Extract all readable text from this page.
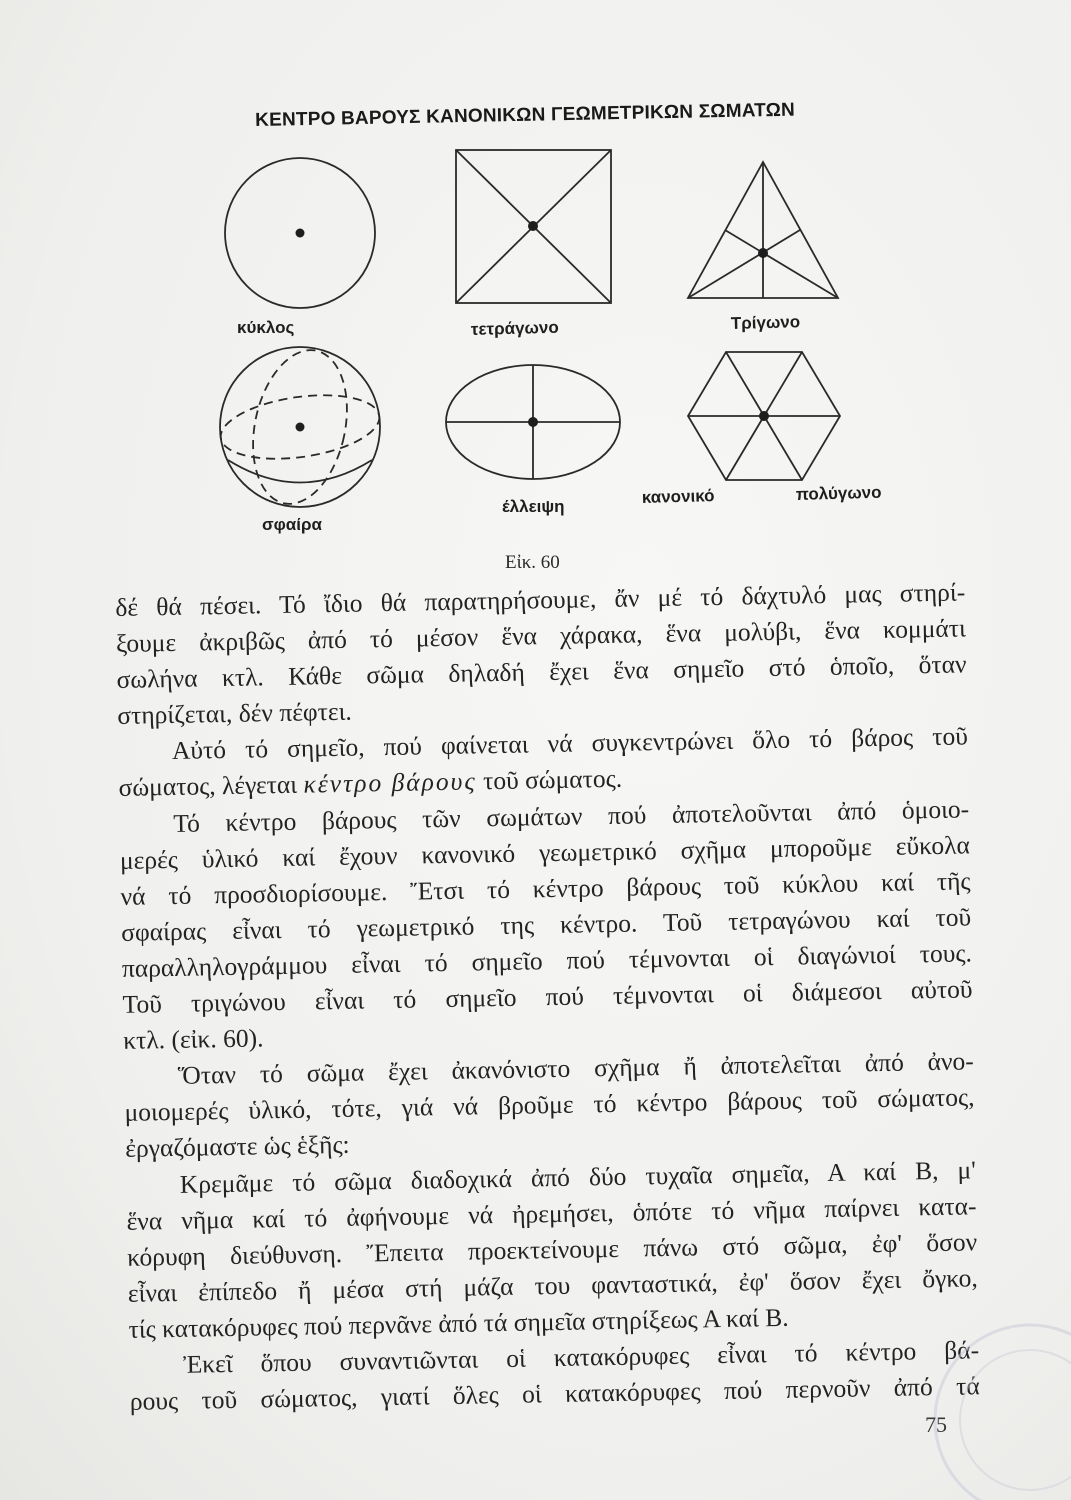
ΚΕΝΤΡΟ ΒΑΡΟΥΣ ΚΑΝΟΝΙΚΩΝ ΓΕΩΜΕΤΡΙΚΩΝ ΣΩΜΑΤΩΝ
κύκλος	τετράγωνο	Τρίγωνο
σφαίρα
έλλειψη	κανονικό	πολύγωνο
Εἰκ. 60
δέ θά πέσει. Τό ἴδιο θά παρατηρήσουμε, ἄν μέ τό δάχτυλό μας στηρί-
ξουμε ἀκριβῶς ἀπό τό μέσον ἕνα χάρακα, ἕνα μολύβι, ἕνα κομμάτι
σωλήνα κτλ. Κάθε σῶμα δηλαδή ἔχει ἕνα σημεῖο στό ὁποῖο, ὅταν
στηρίζεται, δέν πέφτει.
Αὐτό τό σημεῖο, πού φαίνεται νά συγκεντρώνει ὅλο τό βάρος τοῦ
σώματος, λέγεται κέντρο βάρους τοῦ σώματος.
Τό κέντρο βάρους τῶν σωμάτων πού ἀποτελοῦνται ἀπό ὁμοιο-
μερές ὑλικό καί ἔχουν κανονικό γεωμετρικό σχῆμα μποροῦμε εὔκολα
νά τό προσδιορίσουμε. Ἔτσι τό κέντρο βάρους τοῦ κύκλου καί τῆς
σφαίρας εἶναι τό γεωμετρικό της κέντρο. Τοῦ τετραγώνου καί τοῦ
παραλληλογράμμου εἶναι τό σημεῖο πού τέμνονται οἱ διαγώνιοί τους.
Τοῦ τριγώνου εἶναι τό σημεῖο πού τέμνονται οἱ διάμεσοι αὐτοῦ
κτλ. (εἰκ. 60).
Ὅταν τό σῶμα ἔχει ἀκανόνιστο σχῆμα ἤ ἀποτελεῖται ἀπό ἀνο-
μοιομερές ὑλικό, τότε, γιά νά βροῦμε τό κέντρο βάρους τοῦ σώματος,
ἐργαζόμαστε ὡς ἑξῆς:
Κρεμᾶμε τό σῶμα διαδοχικά ἀπό δύο τυχαῖα σημεῖα, Α καί Β, μ'
ἕνα νῆμα καί τό ἀφήνουμε νά ἠρεμήσει, ὁπότε τό νῆμα παίρνει κατα-
κόρυφη διεύθυνση. Ἔπειτα προεκτείνουμε πάνω στό σῶμα, ἐφ' ὅσον
εἶναι ἐπίπεδο ἤ μέσα στή μάζα του φανταστικά, ἐφ' ὅσον ἔχει ὄγκο,
τίς κατακόρυφες πού περνᾶνε ἀπό τά σημεῖα στηρίξεως Α καί Β.
Ἐκεῖ ὅπου συναντιῶνται οἱ κατακόρυφες εἶναι τό κέντρο βά-
ρους τοῦ σώματος, γιατί ὅλες οἱ κατακόρυφες πού περνοῦν ἀπό τά
75
